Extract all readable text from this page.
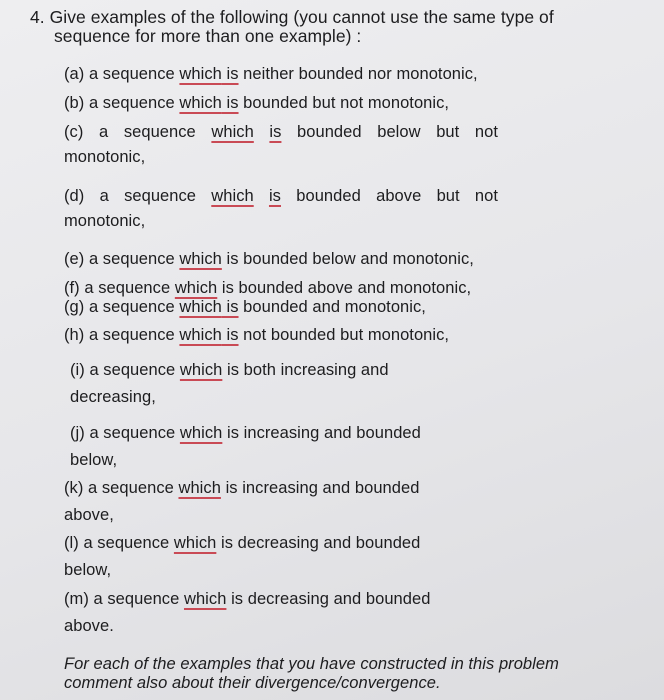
4. Give examples of the following (you cannot use the same type of
sequence for more than one example) :
(a) a sequence which is neither bounded nor monotonic,
(b) a sequence which is bounded but not monotonic,
(c) a sequence which is bounded below but not
monotonic,
(d) a sequence which is bounded above but not
monotonic,
(e) a sequence which is bounded below and monotonic,
(f) a sequence which is bounded above and monotonic,
(g) a sequence which is bounded and monotonic,
(h) a sequence which is not bounded but monotonic,
(i) a sequence which is both increasing and
decreasing,
(j) a sequence which is increasing and bounded
below,
(k) a sequence which is increasing and bounded
above,
(l) a sequence which is decreasing and bounded
below,
(m) a sequence which is decreasing and bounded
above.
For each of the examples that you have constructed in this problem
comment also about their divergence/convergence.
